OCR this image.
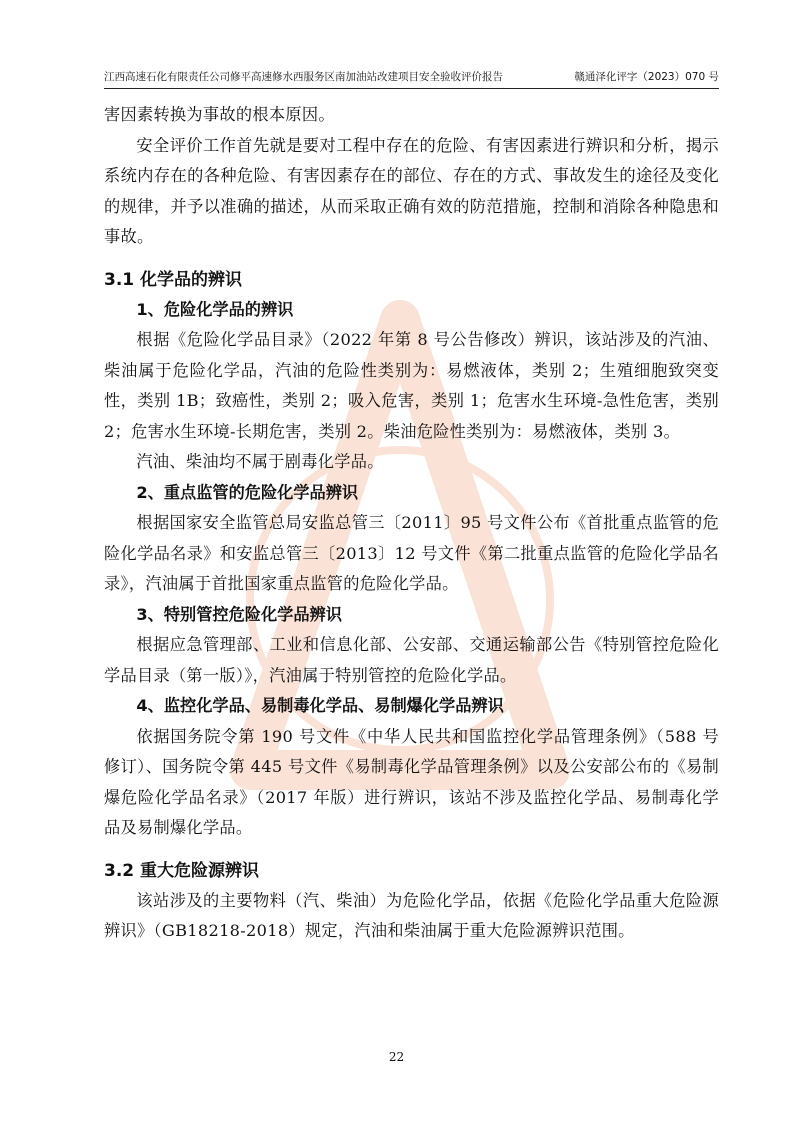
江西高速石化有限责任公司修平高速修水西服务区南加油站改建项目安全验收评价报告	赣通泽化评字（2023）070 号

害因素转换为事故的根本原因。

安全评价工作首先就是要对工程中存在的危险、有害因素进行辨识和分析，揭示系统内存在的各种危险、有害因素存在的部位、存在的方式、事故发生的途径及变化的规律，并予以准确的描述，从而采取正确有效的防范措施，控制和消除各种隐患和事故。

3.1 化学品的辨识
1、危险化学品的辨识

根据《危险化学品目录》（2022 年第 8 号公告修改）辨识，该站涉及的汽油、柴油属于危险化学品，汽油的危险性类别为：易燃液体，类别 2；生殖细胞致突变性，类别 1B；致癌性，类别 2；吸入危害，类别 1；危害水生环境-急性危害，类别 2；危害水生环境-长期危害，类别 2。柴油危险性类别为：易燃液体，类别 3。

汽油、柴油均不属于剧毒化学品。

2、重点监管的危险化学品辨识

根据国家安全监管总局安监总管三〔2011〕95 号文件公布《首批重点监管的危险化学品名录》和安监总管三〔2013〕12 号文件《第二批重点监管的危险化学品名录》，汽油属于首批国家重点监管的危险化学品。

3、特别管控危险化学品辨识

根据应急管理部、工业和信息化部、公安部、交通运输部公告《特别管控危险化学品目录（第一版）》，汽油属于特别管控的危险化学品。

4、监控化学品、易制毒化学品、易制爆化学品辨识

依据国务院令第 190 号文件《中华人民共和国监控化学品管理条例》（588 号修订）、国务院令第 445 号文件《易制毒化学品管理条例》以及公安部公布的《易制爆危险化学品名录》（2017 年版）进行辨识，该站不涉及监控化学品、易制毒化学品及易制爆化学品。

3.2 重大危险源辨识

该站涉及的主要物料（汽、柴油）为危险化学品，依据《危险化学品重大危险源辨识》（GB18218-2018）规定，汽油和柴油属于重大危险源辨识范围。

22
